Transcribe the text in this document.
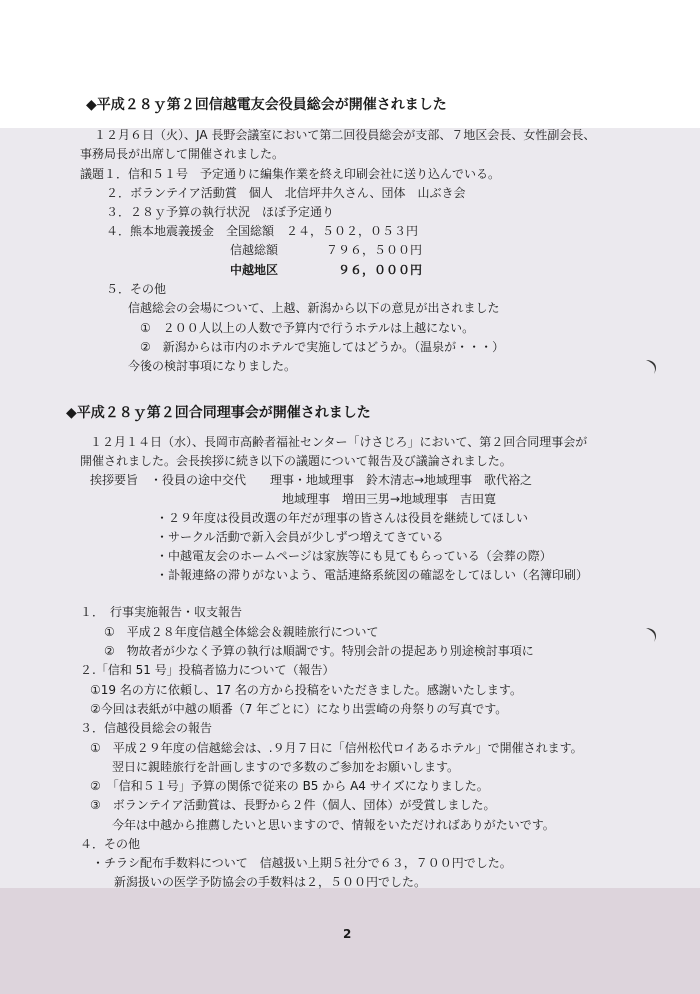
◆平成２８ｙ第２回信越電友会役員総会が開催されました
１２月６日（火）、JA 長野会議室において第二回役員総会が支部、７地区会長、女性副会長、
事務局長が出席して開催されました。
議題１．信和５１号　予定通りに編集作業を終え印刷会社に送り込んでいる。
２．ボランテイア活動賞　個人　北信坪井久さん、団体　山ぶき会
３．２８ｙ予算の執行状況　ほぼ予定通り
４．熊本地震義援金　全国総額　２４，５０２，０５３円
信越総額　　　　７９６，５００円
中越地区　　　　　９６，０００円
５．その他
信越総会の会場について、上越、新潟から以下の意見が出されました
①　２００人以上の人数で予算内で行うホテルは上越にない。
②　新潟からは市内のホテルで実施してはどうか。（温泉が・・・）
今後の検討事項になりました。
◆平成２８ｙ第２回合同理事会が開催されました
１２月１４日（水）、長岡市高齢者福祉センター「けさじろ」において、第２回合同理事会が
開催されました。会長挨拶に続き以下の議題について報告及び議論されました。
挨拶要旨　・役員の途中交代　　理事・地域理事　鈴木清志→地域理事　歌代裕之
地域理事　増田三男→地域理事　吉田寛
・２９年度は役員改選の年だが理事の皆さんは役員を継続してほしい
・サークル活動で新入会員が少しずつ増えてきている
・中越電友会のホームページは家族等にも見てもらっている（会葬の際）
・訃報連絡の滞りがないよう、電話連絡系統図の確認をしてほしい（名簿印刷）
１．　行事実施報告・収支報告
①　平成２８年度信越全体総会＆親睦旅行について
②　物故者が少なく予算の執行は順調です。特別会計の提起あり別途検討事項に
２.「信和 51 号」投稿者協力について（報告）
①19 名の方に依頼し、17 名の方から投稿をいただきました。感謝いたします。
②今回は表紙が中越の順番（7 年ごとに）になり出雲崎の舟祭りの写真です。
３．信越役員総会の報告
①　平成２９年度の信越総会は、.９月７日に「信州松代ロイあるホテル」で開催されます。
翌日に親睦旅行を計画しますので多数のご参加をお願いします。
②　「信和５１号」予算の関係で従来の B5 から A4 サイズになりました。
③　ボランテイア活動賞は、長野から２件（個人、団体）が受賞しました。
今年は中越から推薦したいと思いますので、情報をいただければありがたいです。
４．その他
・チラシ配布手数料について　信越扱い上期５社分で６３，７００円でした。
新潟扱いの医学予防協会の手数料は２，５００円でした。
2
